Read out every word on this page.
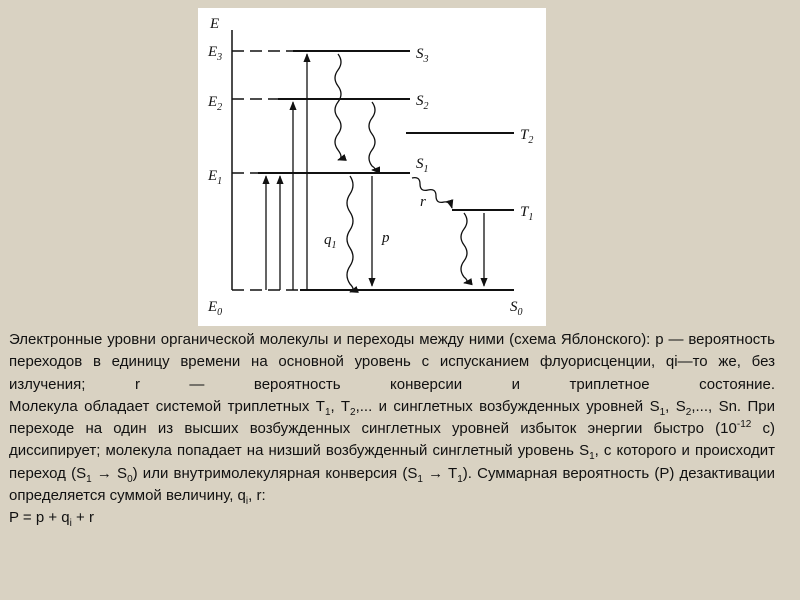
E
$E_3$
$E_2$
$E_1$
$E_0$
$S_3$
$S_2$
$T_2$
$S_1$
$T_1$
$S_0$
$q_1$	p
r

Электронные уровни органической молекулы и переходы между ними (схема Яблонского): р — вероятность переходов в единицу времени на основной уровень с испусканием флуорисценции, qi—то же, без излучения; r — вероятность конверсии и триплетное состояние.

Молекула обладает системой триплетных $T_1$, $T_2$,... и синглетных возбужденных уровней $S_1$, $S_2$,..., Sn. При переходе на один из высших возбужденных синглетных уровней избыток энергии быстро ($10^{-12}$ с) диссипирует; молекула попадает на низший возбужденный синглетный уровень $S_1$, с которого и происходит переход $(S_1 \to S_0)$ или внутримолекулярная конверсия $(S_1 \to T_1)$. Суммарная вероятность (Р) дезактивации определяется суммой величину, $q_i$, r:

$P = p + q_i + r$
